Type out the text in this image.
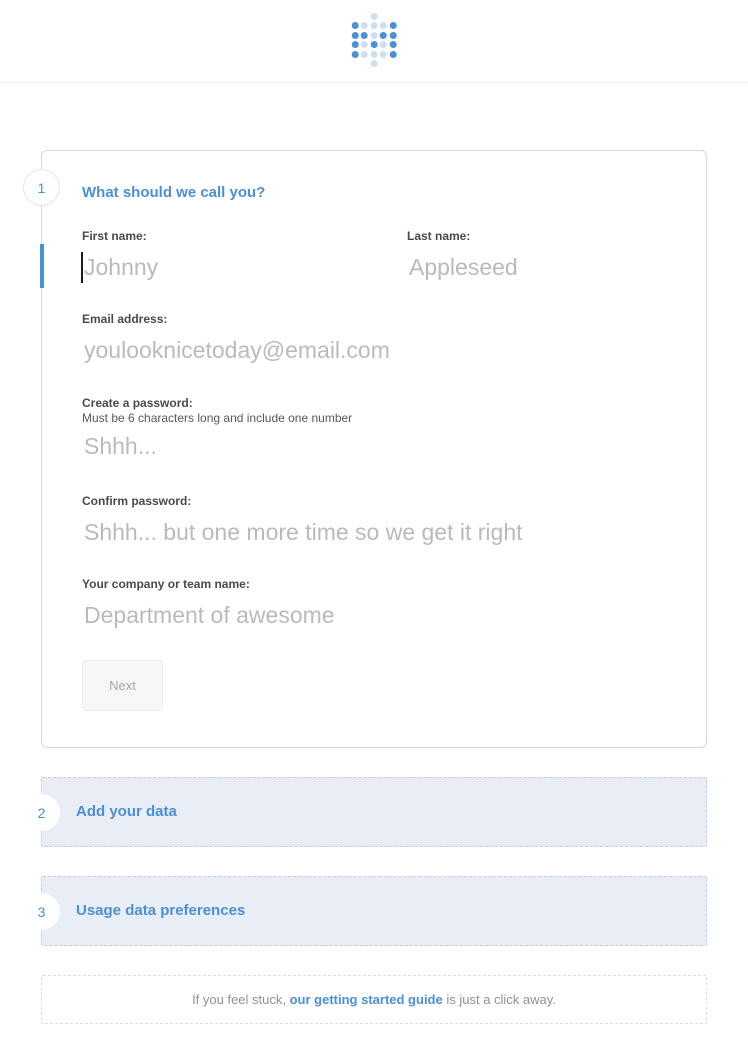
1 What should we call you?
First name:
Johnny	Last name:
Appleseed
Email address:
youlooknicetoday@email.com
Create a password:
Must be 6 characters long and include one number
Confirm password:
Your company or team name:
Department of awesome
Next
2 Add your data
3 Usage data preferences
If you feel stuck, our getting started guide is just a click away.
